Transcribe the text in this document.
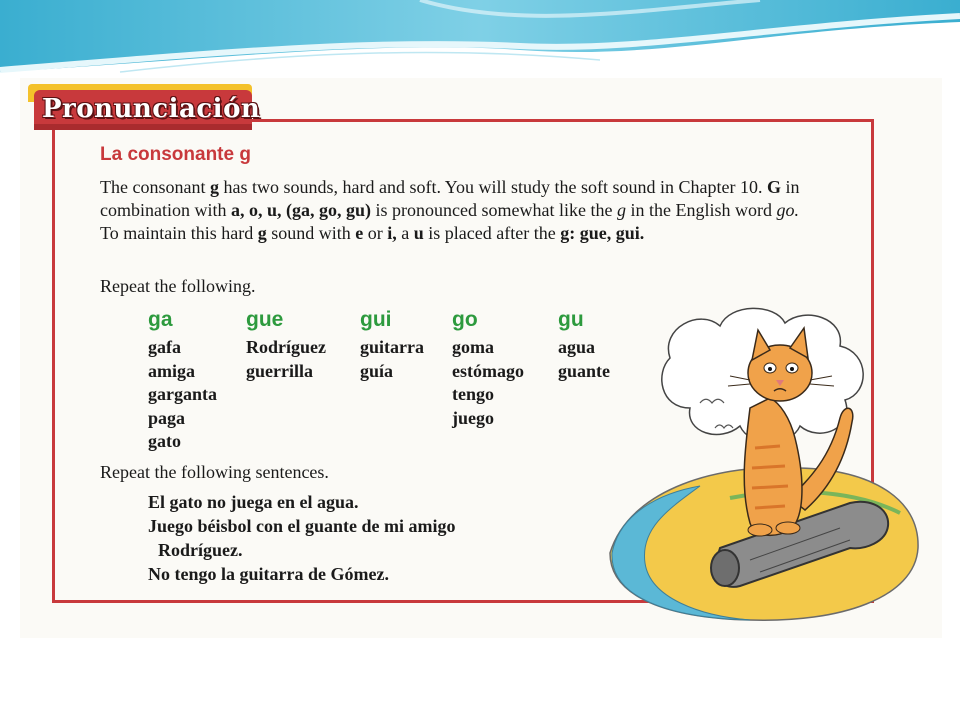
Pronunciación
La consonante g
The consonant g has two sounds, hard and soft. You will study the soft sound in Chapter 10. G in combination with a, o, u, (ga, go, gu) is pronounced somewhat like the g in the English word go. To maintain this hard g sound with e or i, a u is placed after the g: gue, gui.
Repeat the following.
ga
gafa
amiga
garganta
paga
gato
gue
Rodríguez
guerrilla
gui
guitarra
guía
go
goma
estómago
tengo
juego
gu
agua
guante
Repeat the following sentences.
El gato no juega en el agua.
Juego béisbol con el guante de mi amigo
Rodríguez.
No tengo la guitarra de Gómez.
